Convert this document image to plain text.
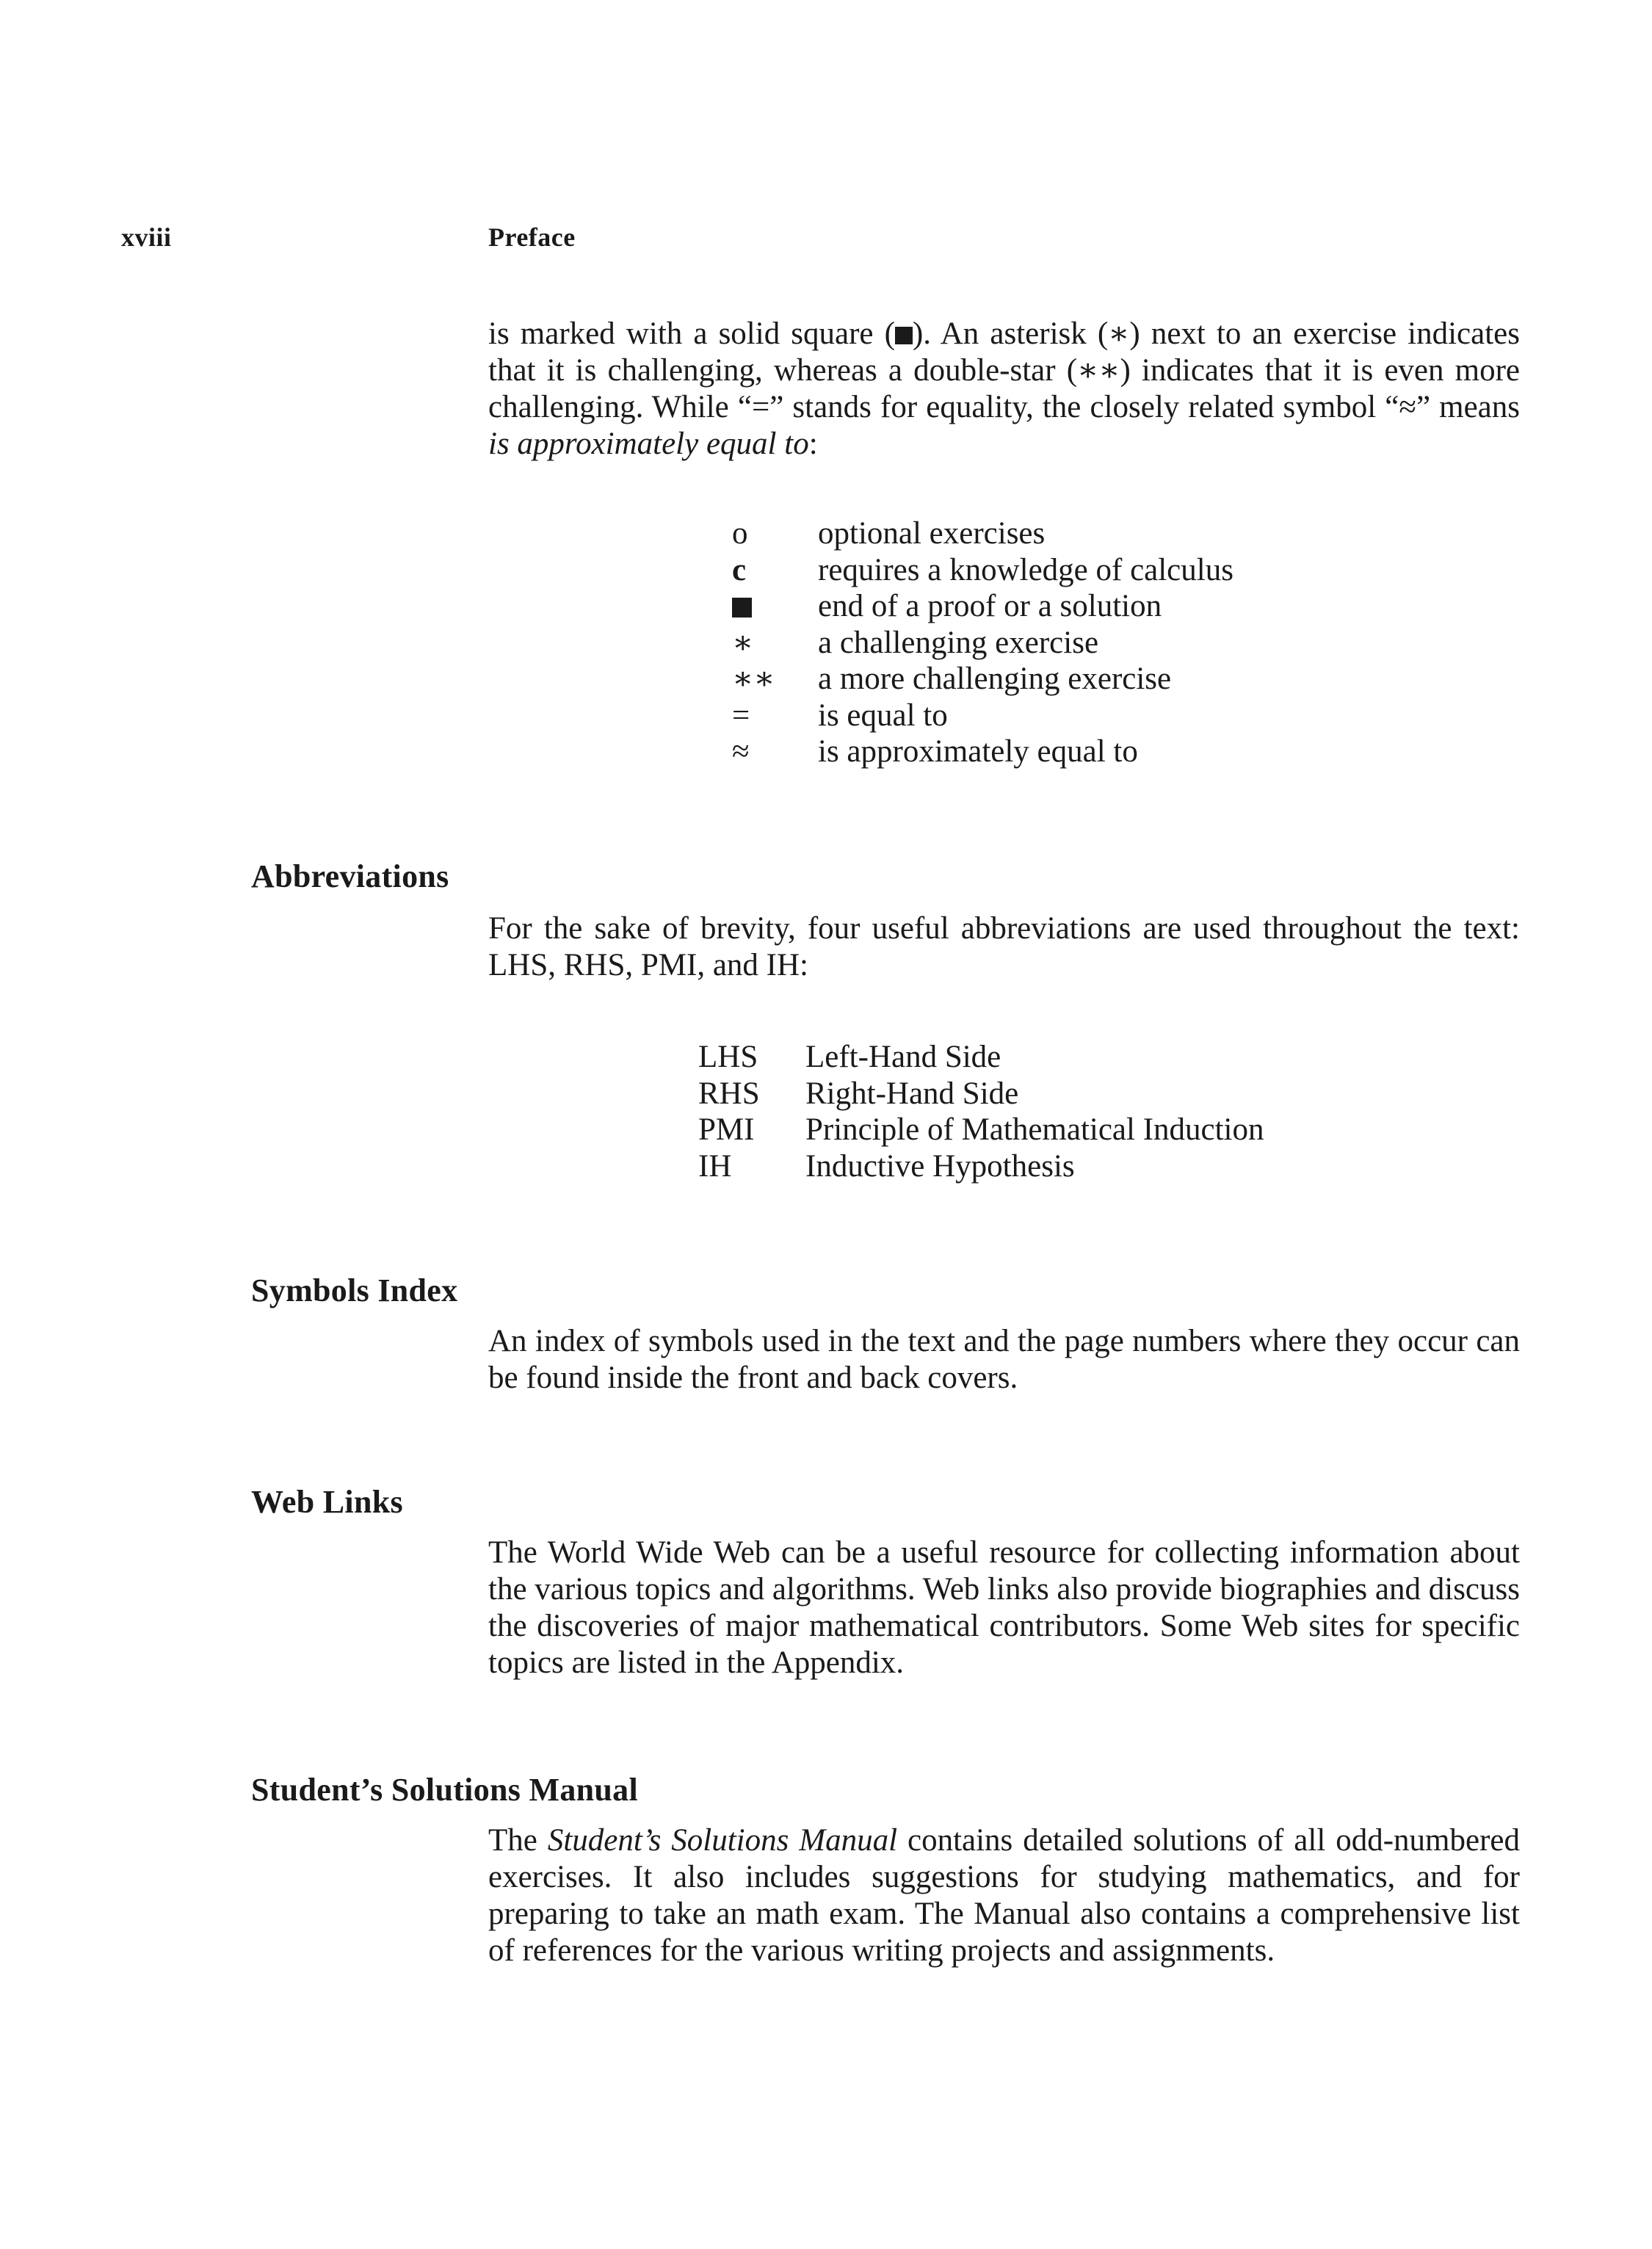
xviii	Preface

is marked with a solid square ( ). An asterisk (∗) next to an exercise indicates that it is challenging, whereas a double-star (∗∗) indicates that it is even more challenging. While “=” stands for equality, the closely related symbol “≈” means is approximately equal to:

o	optional exercises
c	requires a knowledge of calculus
	end of a proof or a solution
∗	a challenging exercise
∗∗	a more challenging exercise
=	is equal to
≈	is approximately equal to
Abbreviations

For the sake of brevity, four useful abbreviations are used throughout the text: LHS, RHS, PMI, and IH:

LHS	Left-Hand Side
RHS	Right-Hand Side
PMI	Principle of Mathematical Induction
IH	Inductive Hypothesis
Symbols Index

An index of symbols used in the text and the page numbers where they occur can be found inside the front and back covers.

Web Links

The World Wide Web can be a useful resource for collecting information about the various topics and algorithms. Web links also provide biographies and discuss the discoveries of major mathematical contributors. Some Web sites for specific topics are listed in the Appendix.

Student’s Solutions Manual

The Student’s Solutions Manual contains detailed solutions of all odd-numbered exercises. It also includes suggestions for studying mathematics, and for preparing to take an math exam. The Manual also contains a comprehensive list of references for the various writing projects and assignments.
